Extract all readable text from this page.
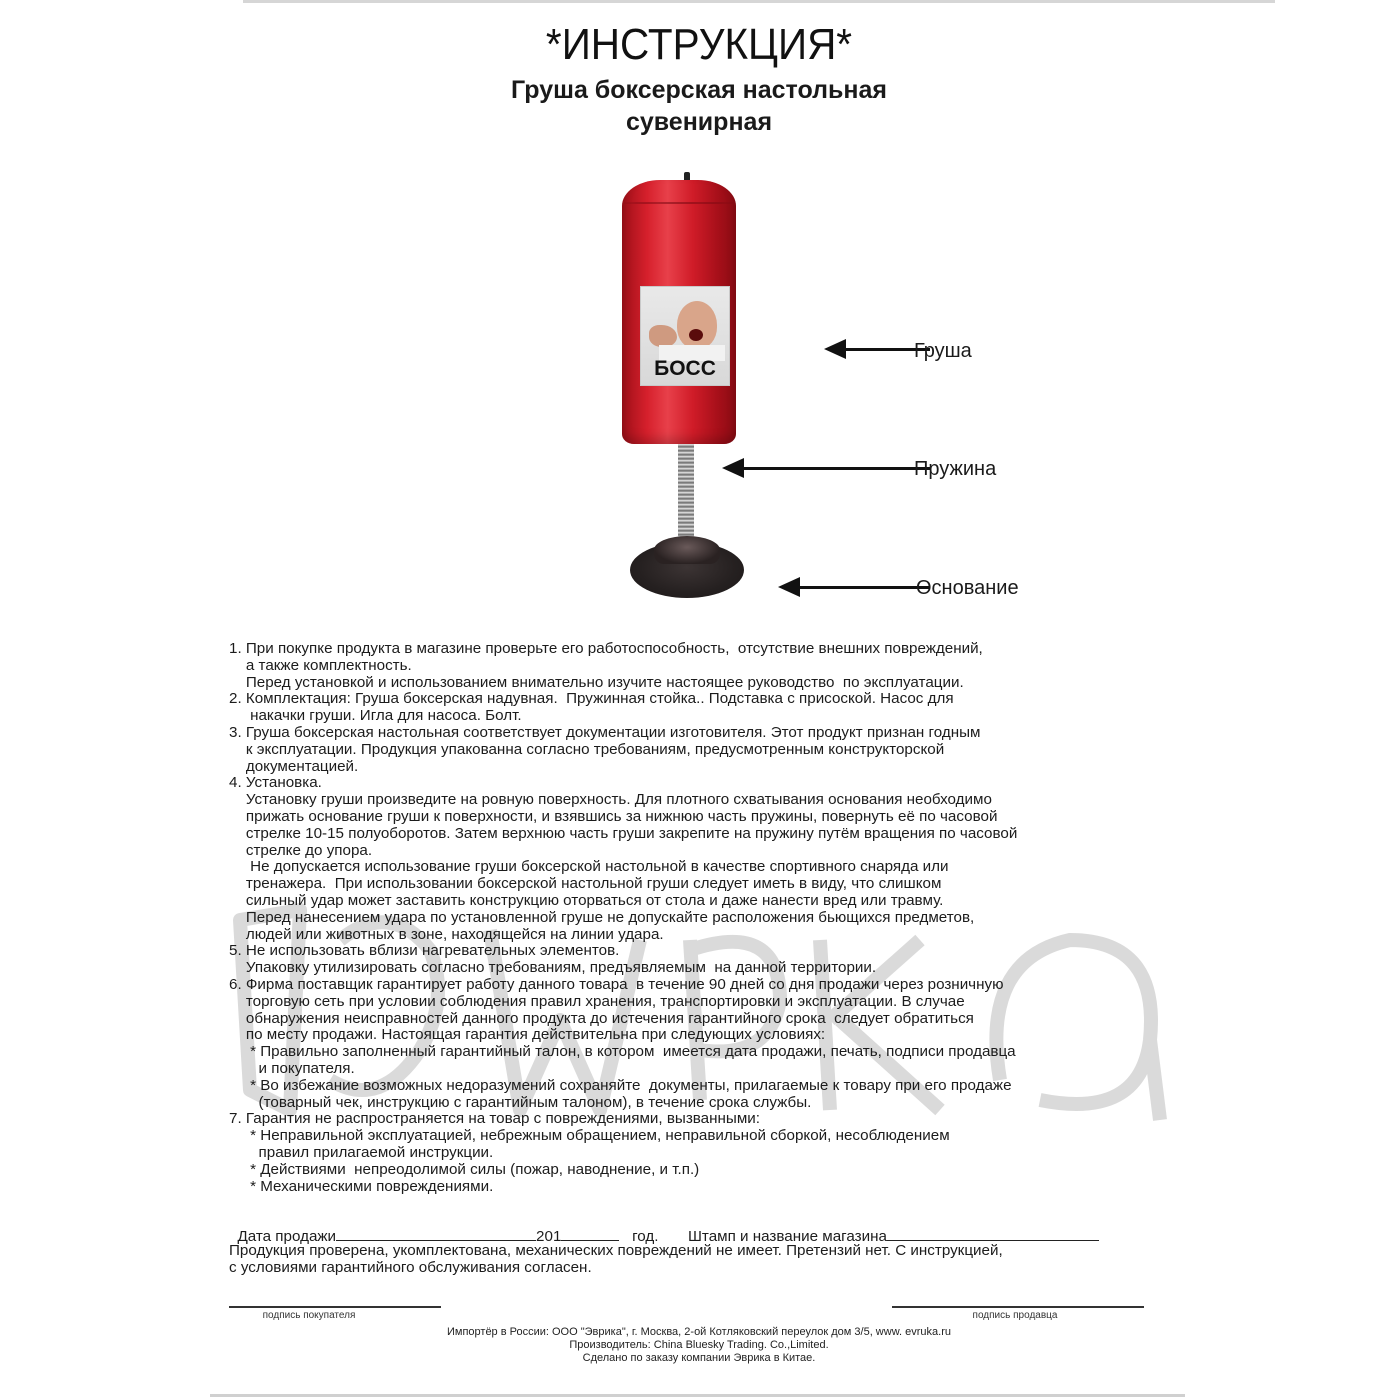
*ИНСТРУКЦИЯ*
Груша боксерская настольная
сувенирная
БОСС
Груша
Пружина
Основание

1. При покупке продукта в магазине проверьте его работоспособность,  отсутствие внешних повреждений,

а также комплектность.

Перед установкой и использованием внимательно изучите настоящее руководство  по эксплуатации.

2. Комплектация: Груша боксерская надувная.  Пружинная стойка.. Подставка с присоской. Насос для

накачки груши. Игла для насоса. Болт.

3. Груша боксерская настольная соответствует документации изготовителя. Этот продукт признан годным

к эксплуатации. Продукция упакованна согласно требованиям, предусмотренным конструкторской

документацией.

4. Установка.

Установку груши произведите на ровную поверхность. Для плотного схватывания основания необходимо

прижать основание груши к поверхности, и взявшись за нижнюю часть пружины, повернуть её по часовой

стрелке 10-15 полуоборотов. Затем верхнюю часть груши закрепите на пружину путём вращения по часовой

стрелке до упора.

Не допускается использование груши боксерской настольной в качестве спортивного снаряда или

тренажера.  При использовании боксерской настольной груши следует иметь в виду, что слишком

сильный удар может заставить конструкцию оторваться от стола и даже нанести вред или травму.

Перед нанесением удара по установленной груше не допускайте расположения бьющихся предметов,

людей или животных в зоне, находящейся на линии удара.

5. Не использовать вблизи нагревательных элементов.

Упаковку утилизировать согласно требованиям, предъявляемым  на данной территории.

6. Фирма поставщик гарантирует работу данного товара  в течение 90 дней со дня продажи через розничную

торговую сеть при условии соблюдения правил хранения, транспортировки и эксплуатации. В случае

обнаружения неисправностей данного продукта до истечения гарантийного срока  следует обратиться

по месту продажи. Настоящая гарантия действительна при следующих условиях:

* Правильно заполненный гарантийный талон, в котором  имеется дата продажи, печать, подписи продавца

и покупателя.

* Во избежание возможных недоразумений сохраняйте  документы, прилагаемые к товару при его продаже

(товарный чек, инструкцию с гарантийным талоном), в течение срока службы.

7. Гарантия не распространяется на товар с повреждениями, вызванными:

* Неправильной эксплуатацией, небрежным обращением, неправильной сборкой, несоблюдением

правил прилагаемой инструкции.

* Действиями  непреодолимой силы (пожар, наводнение, и т.п.)

* Механическими повреждениями.

Дата продажи	201	год. Штамп и название магазина

Продукция проверена, укомплектована, механических повреждений не имеет. Претензий нет. С инструкцией,

с условиями гарантийного обслуживания согласен.

подпись покупателя	подпись продавца

Импортёр в России: ООО "Эврика", г. Москва, 2-ой Котляковский переулок дом 3/5, www. evruka.ru

Производитель: China Bluesky Trading. Co.,Limited.

Сделано по заказу компании Эврика в Китае.
